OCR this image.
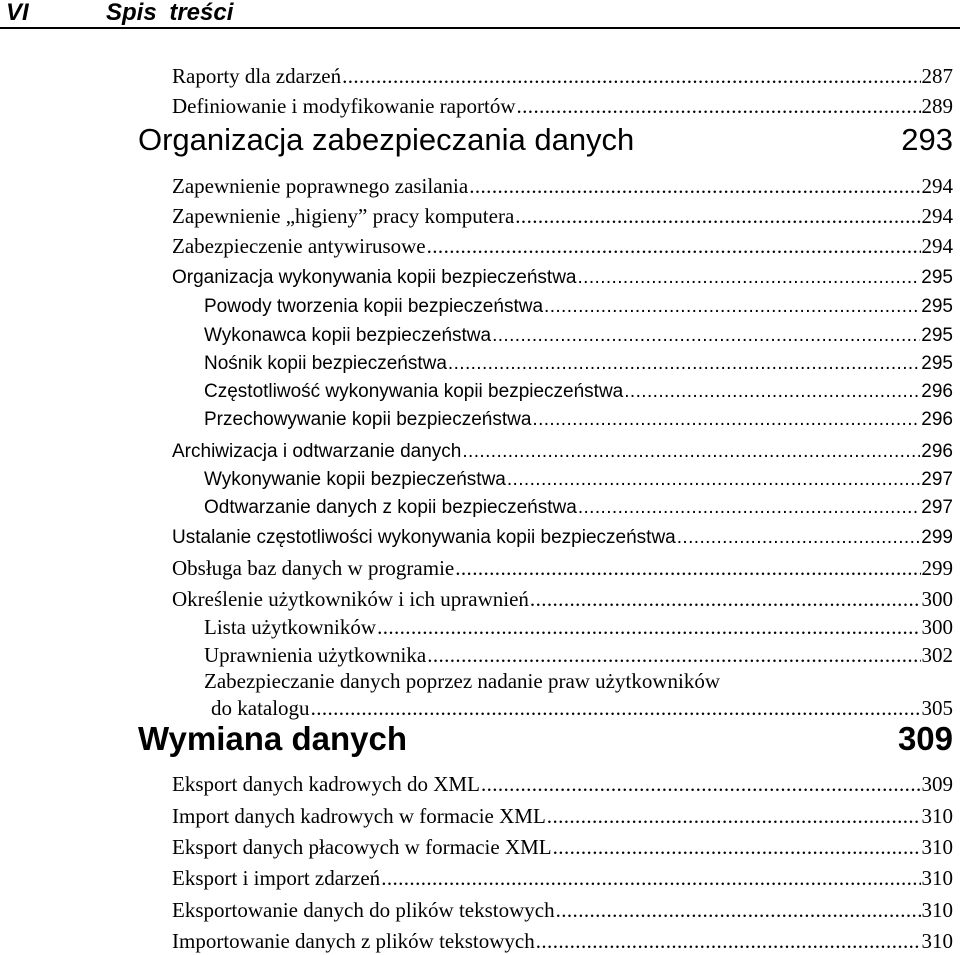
VI	Spis treści
Raporty dla zdarzeń .....	287
Definiowanie i modyfikowanie raportów .....	289
Organizacja zabezpieczania danych	293
Zapewnienie poprawnego zasilania .....	294
Zapewnienie „higieny” pracy komputera .....	294
Zabezpieczenie antywirusowe .....	294
Organizacja wykonywania kopii bezpieczeństwa .....	295
Powody tworzenia kopii bezpieczeństwa .....	295
Wykonawca kopii bezpieczeństwa .....	295
Nośnik kopii bezpieczeństwa .....	295
Częstotliwość wykonywania kopii bezpieczeństwa .....	296
Przechowywanie kopii bezpieczeństwa .....	296
Archiwizacja i odtwarzanie danych .....	296
Wykonywanie kopii bezpieczeństwa .....	297
Odtwarzanie danych z kopii bezpieczeństwa .....	297
Ustalanie częstotliwości wykonywania kopii bezpieczeństwa .....	299
Obsługa baz danych w programie .....	299
Określenie użytkowników i ich uprawnień .....	300
Lista użytkowników .....	300
Uprawnienia użytkownika .....	302
Zabezpieczanie danych poprzez nadanie praw użytkowników
do katalogu .....	305
Wymiana danych	309
Eksport danych kadrowych do XML .....	309
Import danych kadrowych w formacie XML .....	310
Eksport danych płacowych w formacie XML .....	310
Eksport i import zdarzeń .....	310
Eksportowanie danych do plików tekstowych .....	310
Importowanie danych z plików tekstowych .....	310
